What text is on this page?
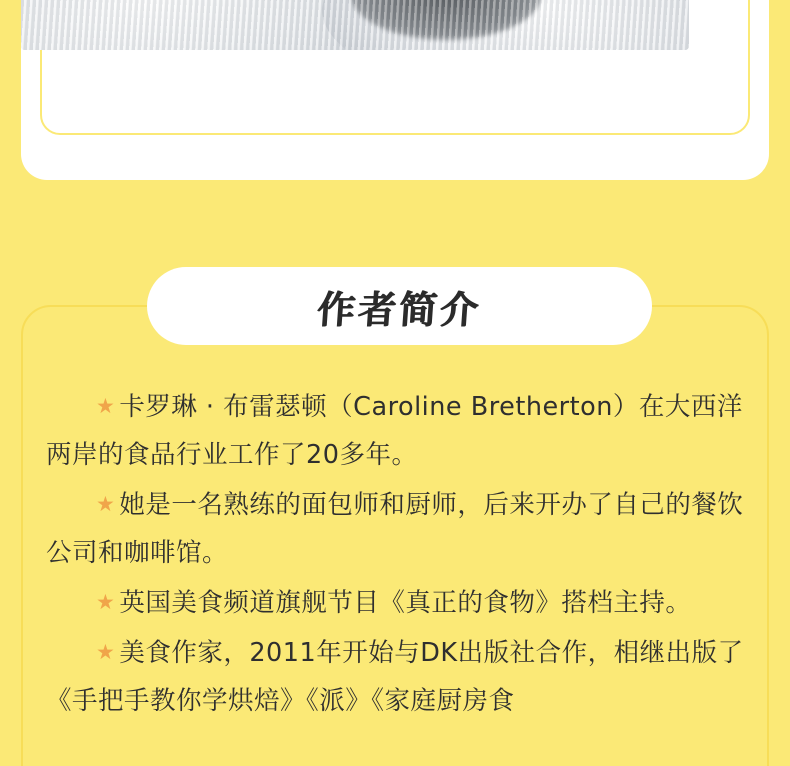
作者简介

★ 卡罗琳 · 布雷瑟顿（Caroline Bretherton）在大西洋两岸的食品行业工作了20多年。

★ 她是一名熟练的面包师和厨师，后来开办了自己的餐饮公司和咖啡馆。

★ 英国美食频道旗舰节目《真正的食物》搭档主持。

★ 美食作家，2011年开始与DK出版社合作，相继出版了《手把手教你学烘焙》《派》《家庭厨房食
